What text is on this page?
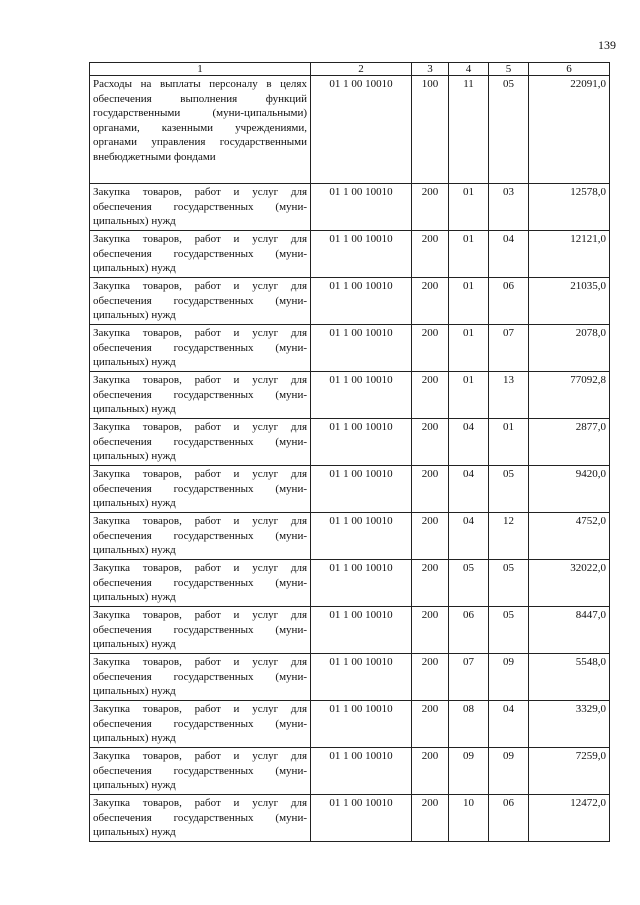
139
1	2	3	4	5	6
Расходы на выплаты персоналу в целях обеспечения выполнения функций государственными (муни-ципальными) органами, казенными учреждениями, органами управления государственными внебюджетными фондами	01 1 00 10010	100	11	05	22091,0
Закупка товаров, работ и услуг для обеспечения государственных (муни-ципальных) нужд	01 1 00 10010	200	01	03	12578,0
Закупка товаров, работ и услуг для обеспечения государственных (муни-ципальных) нужд	01 1 00 10010	200	01	04	12121,0
Закупка товаров, работ и услуг для обеспечения государственных (муни-ципальных) нужд	01 1 00 10010	200	01	06	21035,0
Закупка товаров, работ и услуг для обеспечения государственных (муни-ципальных) нужд	01 1 00 10010	200	01	07	2078,0
Закупка товаров, работ и услуг для обеспечения государственных (муни-ципальных) нужд	01 1 00 10010	200	01	13	77092,8
Закупка товаров, работ и услуг для обеспечения государственных (муни-ципальных) нужд	01 1 00 10010	200	04	01	2877,0
Закупка товаров, работ и услуг для обеспечения государственных (муни-ципальных) нужд	01 1 00 10010	200	04	05	9420,0
Закупка товаров, работ и услуг для обеспечения государственных (муни-ципальных) нужд	01 1 00 10010	200	04	12	4752,0
Закупка товаров, работ и услуг для обеспечения государственных (муни-ципальных) нужд	01 1 00 10010	200	05	05	32022,0
Закупка товаров, работ и услуг для обеспечения государственных (муни-ципальных) нужд	01 1 00 10010	200	06	05	8447,0
Закупка товаров, работ и услуг для обеспечения государственных (муни-ципальных) нужд	01 1 00 10010	200	07	09	5548,0
Закупка товаров, работ и услуг для обеспечения государственных (муни-ципальных) нужд	01 1 00 10010	200	08	04	3329,0
Закупка товаров, работ и услуг для обеспечения государственных (муни-ципальных) нужд	01 1 00 10010	200	09	09	7259,0
Закупка товаров, работ и услуг для обеспечения государственных (муни-ципальных) нужд	01 1 00 10010	200	10	06	12472,0
